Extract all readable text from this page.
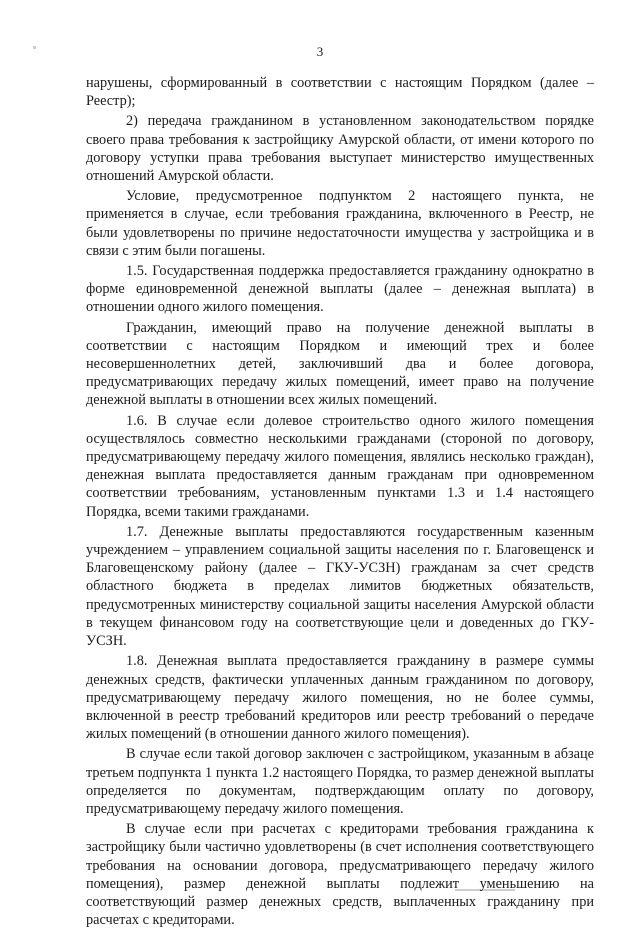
3

нарушены, сформированный в соответствии с настоящим Порядком (далее – Реестр);

2) передача гражданином в установленном законодательством порядке своего права требования к застройщику Амурской области, от имени которого по договору уступки права требования выступает министерство имущественных отношений Амурской области.

Условие, предусмотренное подпунктом 2 настоящего пункта, не применяется в случае, если требования гражданина, включенного в Реестр, не были удовлетворены по причине недостаточности имущества у застройщика и в связи с этим были погашены.

1.5. Государственная поддержка предоставляется гражданину однократно в форме единовременной денежной выплаты (далее – денежная выплата) в отношении одного жилого помещения.

Гражданин, имеющий право на получение денежной выплаты в соответствии с настоящим Порядком и имеющий трех и более несовершеннолетних детей, заключивший два и более договора, предусматривающих передачу жилых помещений, имеет право на получение денежной выплаты в отношении всех жилых помещений.

1.6. В случае если долевое строительство одного жилого помещения осуществлялось совместно несколькими гражданами (стороной по договору, предусматривающему передачу жилого помещения, являлись несколько граждан), денежная выплата предоставляется данным гражданам при одновременном соответствии требованиям, установленным пунктами 1.3 и 1.4 настоящего Порядка, всеми такими гражданами.

1.7. Денежные выплаты предоставляются государственным казенным учреждением – управлением социальной защиты населения по г. Благовещенск и Благовещенскому району (далее – ГКУ-УСЗН) гражданам за счет средств областного бюджета в пределах лимитов бюджетных обязательств, предусмотренных министерству социальной защиты населения Амурской области в текущем финансовом году на соответствующие цели и доведенных до ГКУ-УСЗН.

1.8. Денежная выплата предоставляется гражданину в размере суммы денежных средств, фактически уплаченных данным гражданином по договору, предусматривающему передачу жилого помещения, но не более суммы, включенной в реестр требований кредиторов или реестр требований о передаче жилых помещений (в отношении данного жилого помещения).

В случае если такой договор заключен с застройщиком, указанным в абзаце третьем подпункта 1 пункта 1.2 настоящего Порядка, то размер денежной выплаты определяется по документам, подтверждающим оплату по договору, предусматривающему передачу жилого помещения.

В случае если при расчетах с кредиторами требования гражданина к застройщику были частично удовлетворены (в счет исполнения соответствующего требования на основании договора, предусматривающего передачу жилого помещения), размер денежной выплаты подлежит уменьшению на соответствующий размер денежных средств, выплаченных гражданину при расчетах с кредиторами.
